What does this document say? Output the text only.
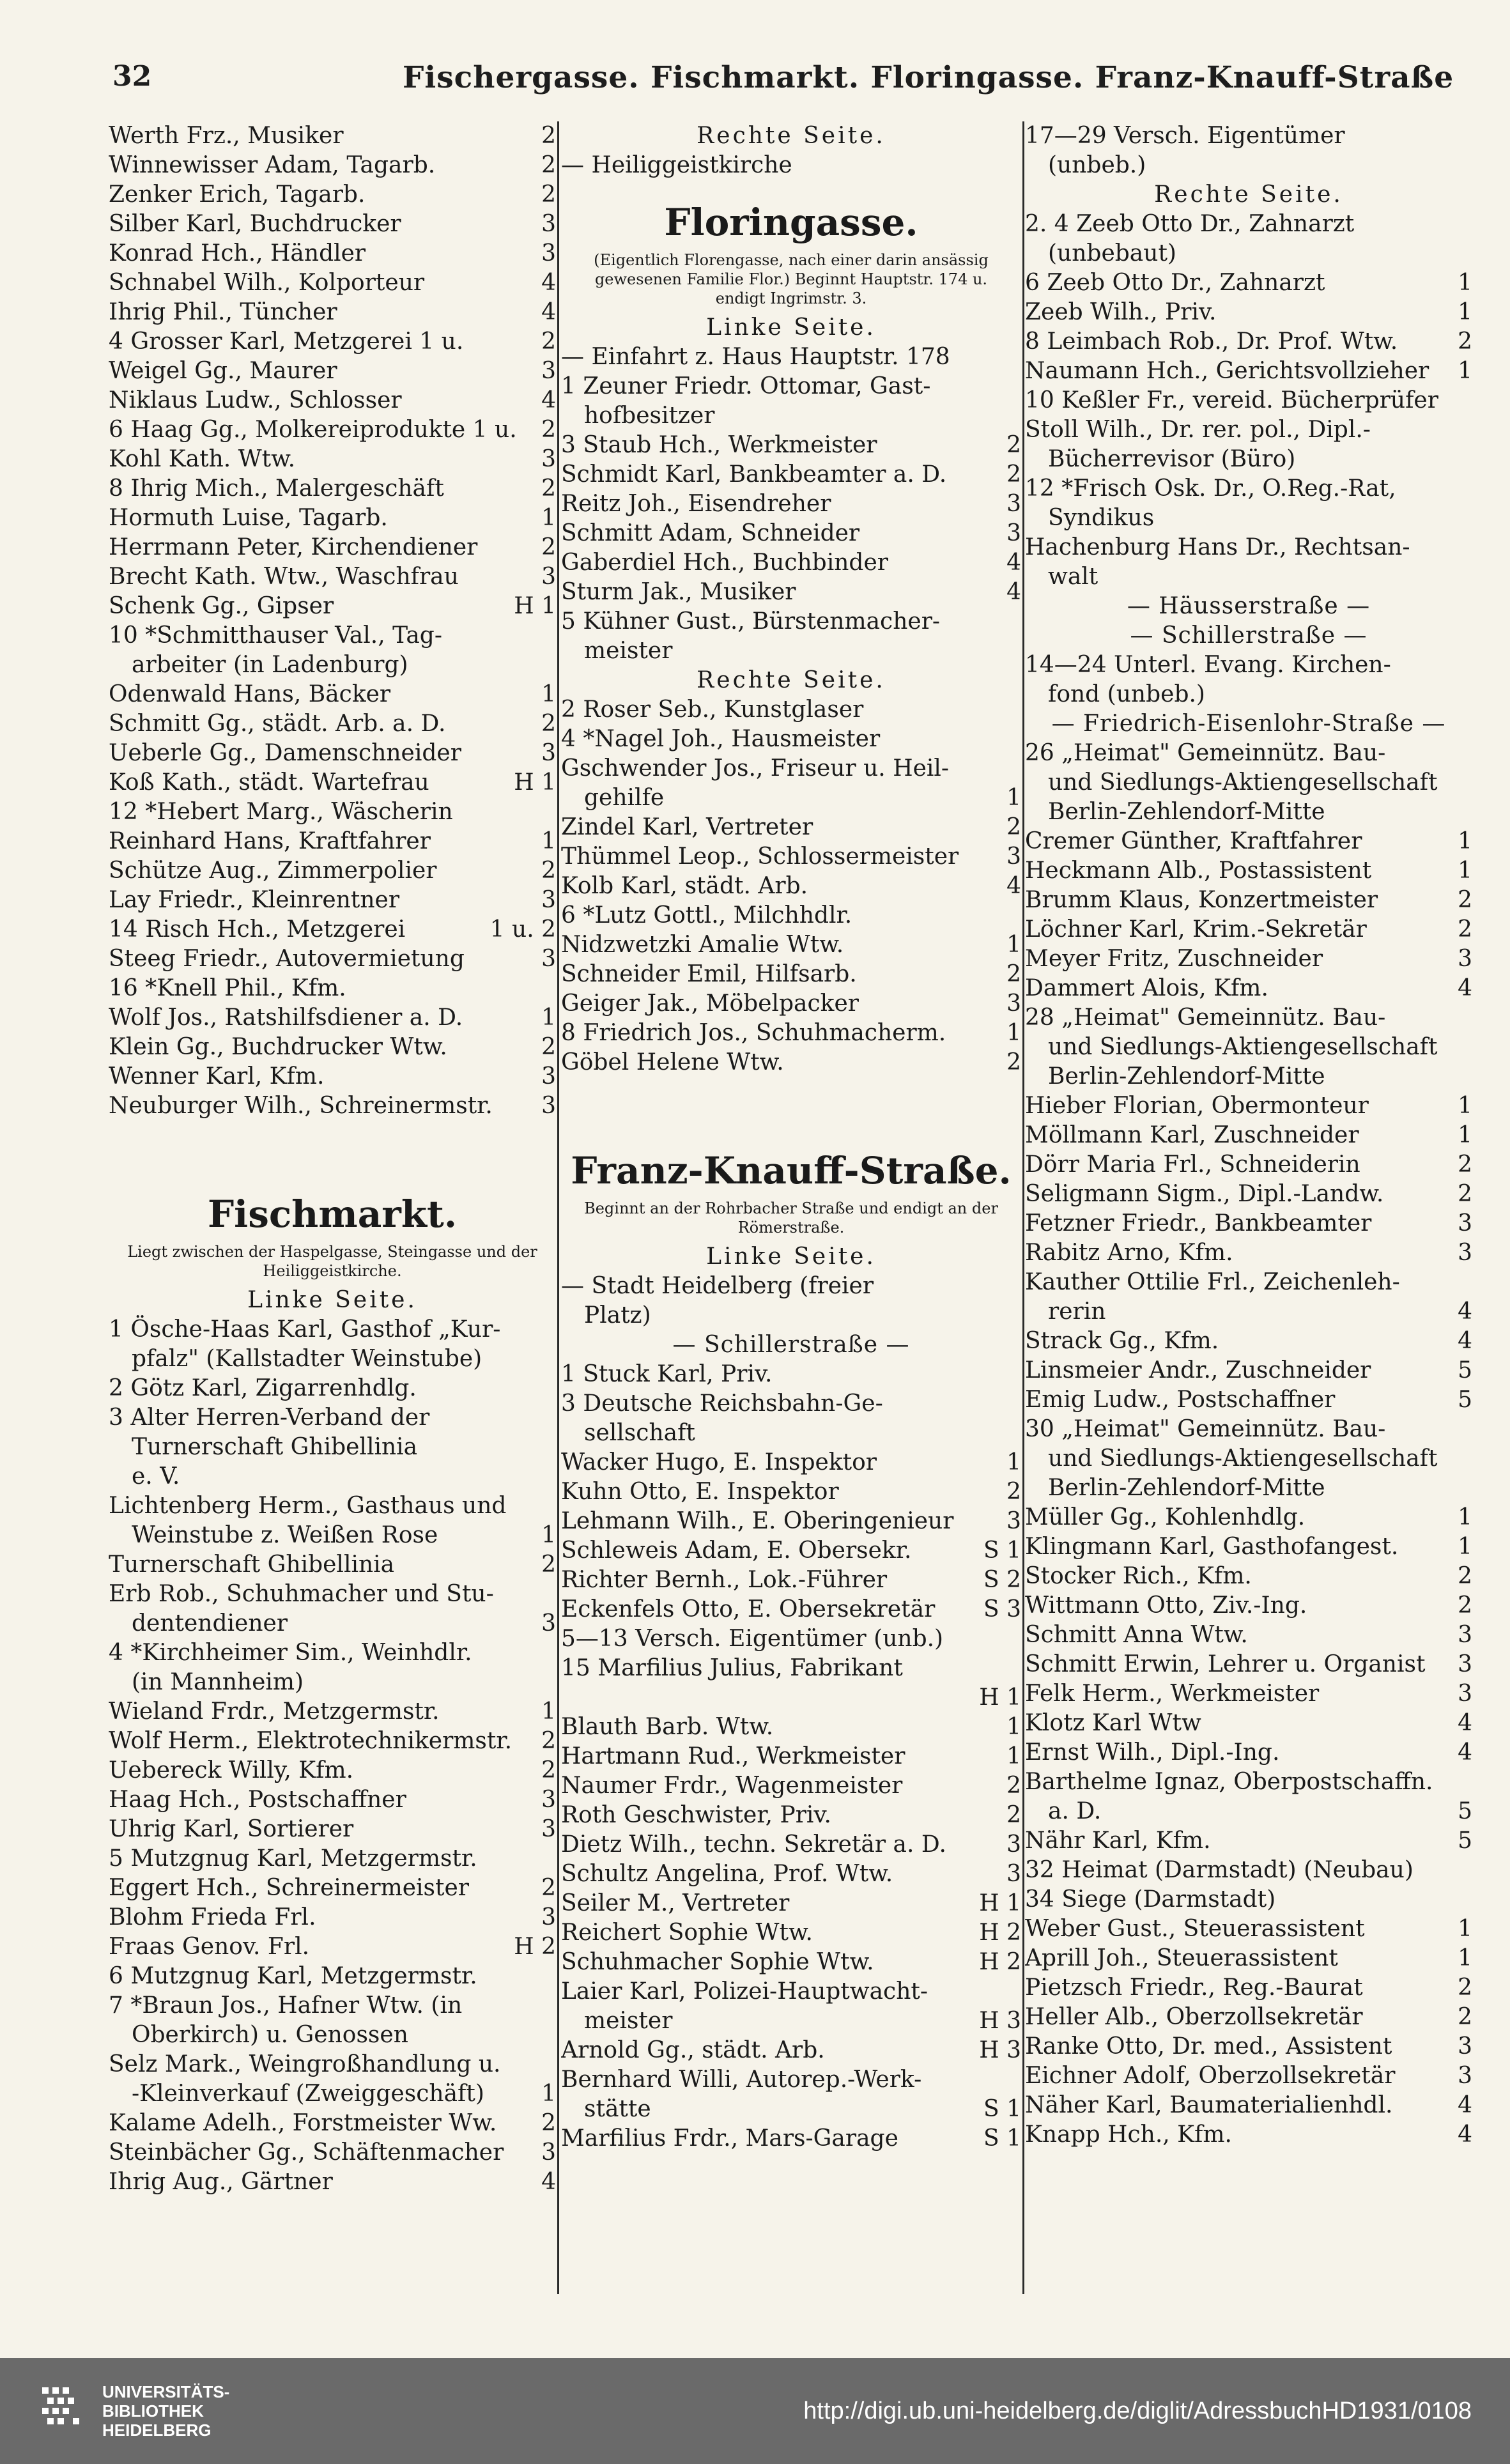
32	Fischergasse. Fischmarkt. Floringasse. Franz-Knauff-Straße
Werth Frz., Musiker	2
Winnewisser Adam, Tagarb.	2
Zenker Erich, Tagarb.	2
Silber Karl, Buchdrucker	3
Konrad Hch., Händler	3
Schnabel Wilh., Kolporteur	4
Ihrig Phil., Tüncher	4
4 Grosser Karl, Metzgerei 1 u.	2
Weigel Gg., Maurer	3
Niklaus Ludw., Schlosser	4
6 Haag Gg., Molkereiprodukte 1 u.	2
Kohl Kath. Wtw.	3
8 Ihrig Mich., Malergeschäft	2
Hormuth Luise, Tagarb.	1
Herrmann Peter, Kirchendiener	2
Brecht Kath. Wtw., Waschfrau	3
Schenk Gg., Gipser	H 1
10 *Schmitthauser Val., Tag-
arbeiter (in Ladenburg)
Odenwald Hans, Bäcker	1
Schmitt Gg., städt. Arb. a. D.	2
Ueberle Gg., Damenschneider	3
Koß Kath., städt. Wartefrau	H 1
12 *Hebert Marg., Wäscherin
Reinhard Hans, Kraftfahrer	1
Schütze Aug., Zimmerpolier	2
Lay Friedr., Kleinrentner	3
14 Risch Hch., Metzgerei	1 u. 2
Steeg Friedr., Autovermietung	3
16 *Knell Phil., Kfm.
Wolf Jos., Ratshilfsdiener a. D.	1
Klein Gg., Buchdrucker Wtw.	2
Wenner Karl, Kfm.	3
Neuburger Wilh., Schreinermstr.	3
Fischmarkt.
Liegt zwischen der Haspelgasse, Steingasse und der Heiliggeistkirche.
Linke Seite.
1 Ösche-Haas Karl, Gasthof „Kur-
pfalz" (Kallstadter Weinstube)
2 Götz Karl, Zigarrenhdlg.
3 Alter Herren-Verband der
Turnerschaft Ghibellinia
e. V.
Lichtenberg Herm., Gasthaus und
Weinstube z. Weißen Rose	1
Turnerschaft Ghibellinia	2
Erb Rob., Schuhmacher und Stu-
dentendiener	3
4 *Kirchheimer Sim., Weinhdlr.
(in Mannheim)
Wieland Frdr., Metzgermstr.	1
Wolf Herm., Elektrotechnikermstr.	2
Uebereck Willy, Kfm.	2
Haag Hch., Postschaffner	3
Uhrig Karl, Sortierer	3
5 Mutzgnug Karl, Metzgermstr.
Eggert Hch., Schreinermeister	2
Blohm Frieda Frl.	3
Fraas Genov. Frl.	H 2
6 Mutzgnug Karl, Metzgermstr.
7 *Braun Jos., Hafner Wtw. (in
Oberkirch) u. Genossen
Selz Mark., Weingroßhandlung u.
-Kleinverkauf (Zweiggeschäft)	1
Kalame Adelh., Forstmeister Ww.	2
Steinbächer Gg., Schäftenmacher	3
Ihrig Aug., Gärtner	4
Rechte Seite.
— Heiliggeistkirche
Floringasse.
(Eigentlich Florengasse, nach einer darin ansässig gewesenen Familie Flor.) Beginnt Hauptstr. 174 u. endigt Ingrimstr. 3.
Linke Seite.
— Einfahrt z. Haus Hauptstr. 178
1 Zeuner Friedr. Ottomar, Gast-
hofbesitzer
3 Staub Hch., Werkmeister	2
Schmidt Karl, Bankbeamter a. D.	2
Reitz Joh., Eisendreher	3
Schmitt Adam, Schneider	3
Gaberdiel Hch., Buchbinder	4
Sturm Jak., Musiker	4
5 Kühner Gust., Bürstenmacher-
meister
Rechte Seite.
2 Roser Seb., Kunstglaser
4 *Nagel Joh., Hausmeister
Gschwender Jos., Friseur u. Heil-
gehilfe	1
Zindel Karl, Vertreter	2
Thümmel Leop., Schlossermeister	3
Kolb Karl, städt. Arb.	4
6 *Lutz Gottl., Milchhdlr.
Nidzwetzki Amalie Wtw.	1
Schneider Emil, Hilfsarb.	2
Geiger Jak., Möbelpacker	3
8 Friedrich Jos., Schuhmacherm.	1
Göbel Helene Wtw.	2
Franz-Knauff-Straße.
Beginnt an der Rohrbacher Straße und endigt an der Römerstraße.
Linke Seite.
— Stadt Heidelberg (freier
Platz)
— Schillerstraße —
1 Stuck Karl, Priv.
3 Deutsche Reichsbahn-Ge-
sellschaft
Wacker Hugo, E. Inspektor	1
Kuhn Otto, E. Inspektor	2
Lehmann Wilh., E. Oberingenieur	3
Schleweis Adam, E. Obersekr.	S 1
Richter Bernh., Lok.-Führer	S 2
Eckenfels Otto, E. Obersekretär	S 3
5—13 Versch. Eigentümer (unb.)
15 Marfilius Julius, Fabrikant
H 1
Blauth Barb. Wtw.	1
Hartmann Rud., Werkmeister	1
Naumer Frdr., Wagenmeister	2
Roth Geschwister, Priv.	2
Dietz Wilh., techn. Sekretär a. D.	3
Schultz Angelina, Prof. Wtw.	3
Seiler M., Vertreter	H 1
Reichert Sophie Wtw.	H 2
Schuhmacher Sophie Wtw.	H 2
Laier Karl, Polizei-Hauptwacht-
meister	H 3
Arnold Gg., städt. Arb.	H 3
Bernhard Willi, Autorep.-Werk-
stätte	S 1
Marfilius Frdr., Mars-Garage	S 1
17—29 Versch. Eigentümer
(unbeb.)
Rechte Seite.
2. 4 Zeeb Otto Dr., Zahnarzt
(unbebaut)
6 Zeeb Otto Dr., Zahnarzt	1
Zeeb Wilh., Priv.	1
8 Leimbach Rob., Dr. Prof. Wtw.	2
Naumann Hch., Gerichtsvollzieher	1
10 Keßler Fr., vereid. Bücherprüfer
Stoll Wilh., Dr. rer. pol., Dipl.-
Bücherrevisor (Büro)
12 *Frisch Osk. Dr., O.Reg.-Rat,
Syndikus
Hachenburg Hans Dr., Rechtsan-
walt
— Häusserstraße —
— Schillerstraße —
14—24 Unterl. Evang. Kirchen-
fond (unbeb.)
— Friedrich-Eisenlohr-Straße —
26 „Heimat" Gemeinnütz. Bau-
und Siedlungs-Aktiengesellschaft
Berlin-Zehlendorf-Mitte
Cremer Günther, Kraftfahrer	1
Heckmann Alb., Postassistent	1
Brumm Klaus, Konzertmeister	2
Löchner Karl, Krim.-Sekretär	2
Meyer Fritz, Zuschneider	3
Dammert Alois, Kfm.	4
28 „Heimat" Gemeinnütz. Bau-
und Siedlungs-Aktiengesellschaft
Berlin-Zehlendorf-Mitte
Hieber Florian, Obermonteur	1
Möllmann Karl, Zuschneider	1
Dörr Maria Frl., Schneiderin	2
Seligmann Sigm., Dipl.-Landw.	2
Fetzner Friedr., Bankbeamter	3
Rabitz Arno, Kfm.	3
Kauther Ottilie Frl., Zeichenleh-
rerin	4
Strack Gg., Kfm.	4
Linsmeier Andr., Zuschneider	5
Emig Ludw., Postschaffner	5
30 „Heimat" Gemeinnütz. Bau-
und Siedlungs-Aktiengesellschaft
Berlin-Zehlendorf-Mitte
Müller Gg., Kohlenhdlg.	1
Klingmann Karl, Gasthofangest.	1
Stocker Rich., Kfm.	2
Wittmann Otto, Ziv.-Ing.	2
Schmitt Anna Wtw.	3
Schmitt Erwin, Lehrer u. Organist	3
Felk Herm., Werkmeister	3
Klotz Karl Wtw	4
Ernst Wilh., Dipl.-Ing.	4
Barthelme Ignaz, Oberpostschaffn.
a. D.	5
Nähr Karl, Kfm.	5
32 Heimat (Darmstadt) (Neubau)
34 Siege (Darmstadt)
Weber Gust., Steuerassistent	1
Aprill Joh., Steuerassistent	1
Pietzsch Friedr., Reg.-Baurat	2
Heller Alb., Oberzollsekretär	2
Ranke Otto, Dr. med., Assistent	3
Eichner Adolf, Oberzollsekretär	3
Näher Karl, Baumaterialienhdl.	4
Knapp Hch., Kfm.	4
UNIVERSITÄTS-
BIBLIOTHEK
HEIDELBERG
http://digi.ub.uni-heidelberg.de/diglit/AdressbuchHD1931/0108
